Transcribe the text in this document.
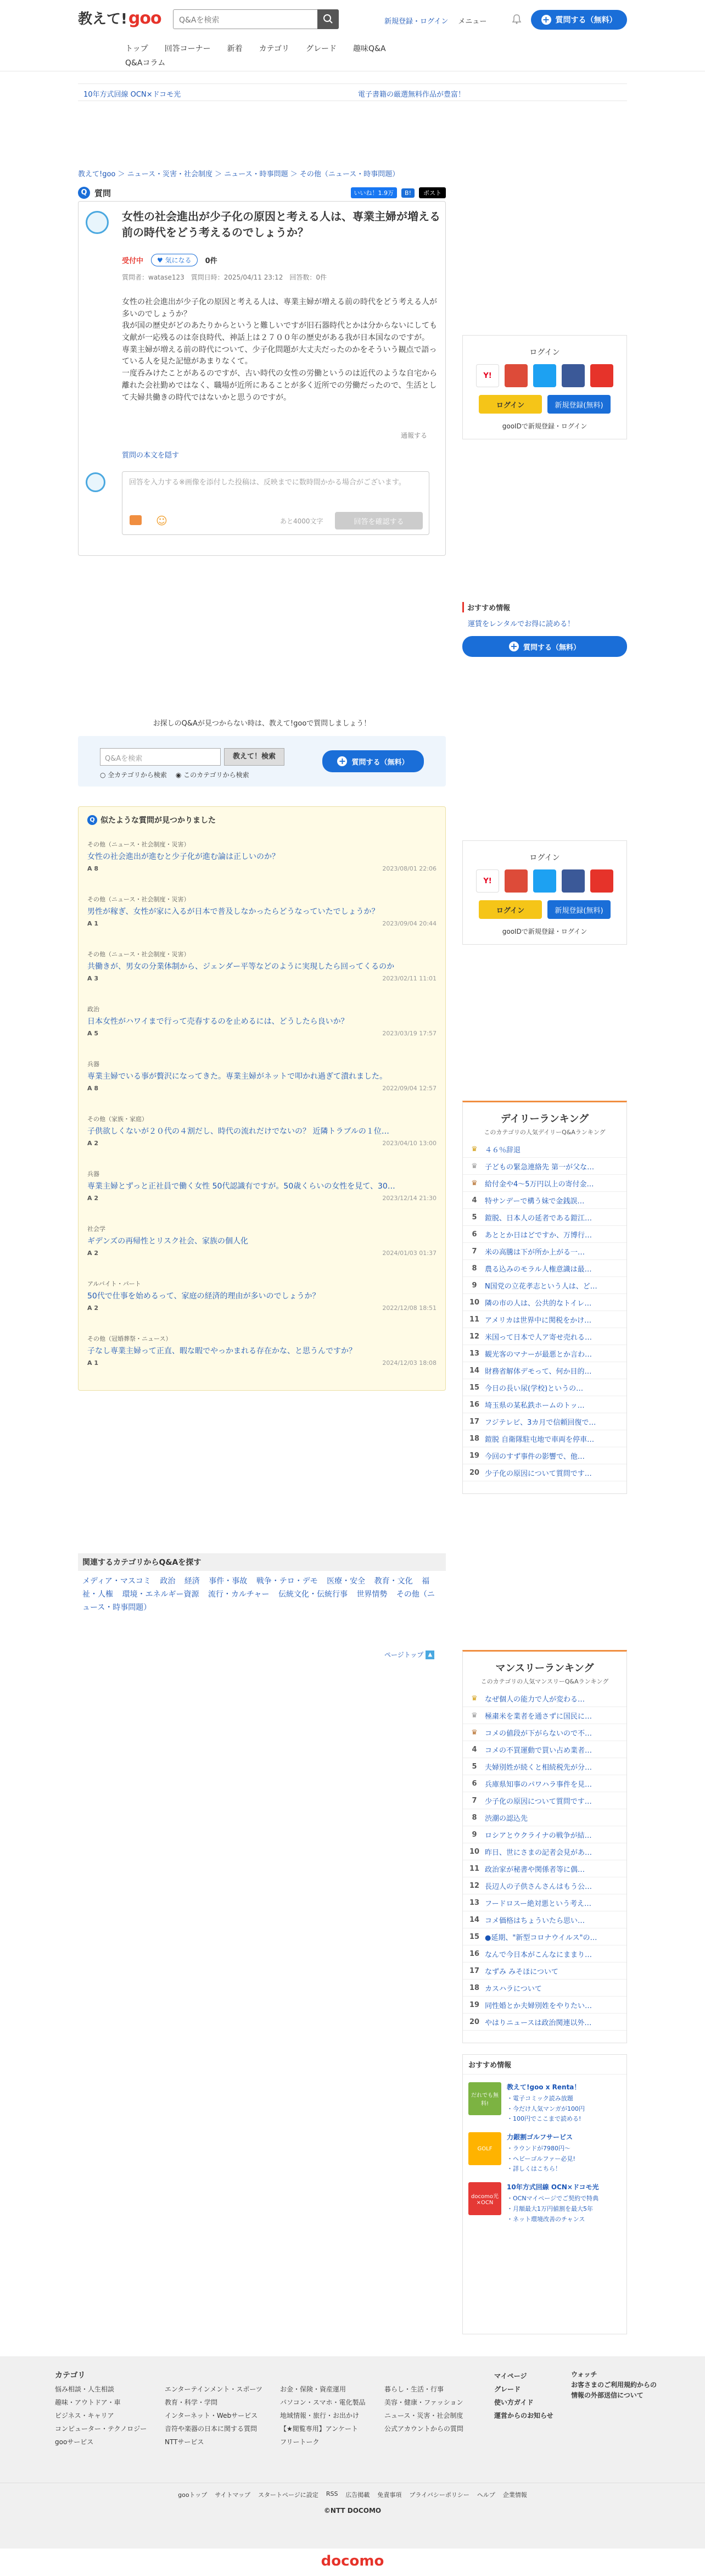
教えて! goo	Q&Aを検索	新規登録・ログイン メニュー	+ 質問する（無料）
トップ	回答コーナー	新着	カテゴリ	グレード	趣味Q&A
Q&Aコラム
10年方式回線 OCN×ドコモ光	電子書籍の厳選無料作品が豊富！
教えて!goo ＞ ニュース・災害・社会制度 ＞ ニュース・時事問題 ＞ その他（ニュース・時事問題）
Q 質問	いいね！1.9万	B!	ポスト
女性の社会進出が少子化の原因と考える人は、専業主婦が増える前の時代をどう考えるのでしょうか？
受付中	♥ 気になる	0件
質問者：watase123　質問日時：2025/04/11 23:12　回答数：0件
女性の社会進出が少子化の原因と考える人は、専業主婦が増える前の時代をどう考える人が多いのでしょうか？
我が国の歴史がどのあたりからというと難しいですが旧石器時代とかは分からないにしても文献が一応残るのは奈良時代、神話上は２７００年の歴史がある我が日本国なのですが。
専業主婦が増える前の時代について、少子化問題が大丈夫だったのかをそういう観点で語っている人を見た記憶があまりなくて。
一度呑みけたことがあるのですが、古い時代の女性の労働というのは近代のような自宅から離れた会社勤めではなく、職場が近所にあることが多く近所での労働だったので、生活として夫婦共働きの時代ではないかと思うのですが。
通報する
質問の本文を隠す
回答を入力する※画像を添付した投稿は、反映までに数時間かかる場合がございます。
☺	あと4000文字	回答を確認する
ログイン
Y!
ログイン	新規登録(無料)
gooIDで新規登録・ログイン
おすすめ情報
運賃をレンタルでお得に読める！
+ 質問する（無料）
お探しのQ&Aが見つからない時は、教えて!gooで質問しましょう！
Q&Aを検索	教えて！検索
○ 全カテゴリから検索 ◉ このカテゴリから検索
+ 質問する（無料）
Q 似たような質問が見つかりました
その他（ニュース・社会制度・災害）
女性の社会進出が進むと少子化が進む論は正しいのか？
A 8	2023/08/01 22:06
その他（ニュース・社会制度・災害）
男性が稼ぎ、女性が家に入るが日本で普及しなかったらどうなっていたでしょうか？
A 1	2023/09/04 20:44
その他（ニュース・社会制度・災害）
共働きが、男女の分業体制から、ジェンダー平等などのように実現したら回ってくるのか
A 3	2023/02/11 11:01
政治
日本女性がハワイまで行って売春するのを止めるには、どうしたら良いか？
A 5	2023/03/19 17:57
兵器
専業主婦でいる事が贅沢になってきた。専業主婦がネットで叩かれ過ぎて潰れました。
A 8	2022/09/04 12:57
その他（家族・家庭）
子供欲しくないが２０代の４割だし、時代の流れだけでないの？ 近隣トラブルの１位…
A 2	2023/04/10 13:00
兵器
専業主婦とずっと正社員で働く女性 50代認識有ですが。50歳くらいの女性を見て、30…
A 2	2023/12/14 21:30
社会学
ギデンズの再帰性とリスク社会、家族の個人化
A 2	2024/01/03 01:37
アルバイト・パート
50代で仕事を始めるって、家庭の経済的理由が多いのでしょうか？
A 2	2022/12/08 18:51
その他（冠婚葬祭・ニュース）
子なし専業主婦って正直、暇な暇でやっかまれる存在かな、と思うんですか？
A 1	2024/12/03 18:08
ログイン
Y!
ログイン	新規登録(無料)
gooIDで新規登録・ログイン
デイリーランキング
このカテゴリの人気デイリーQ&Aランキング
♛	４６％辞退
♛	子どもの緊急連絡先 第一が父な…
♛	給付金や4～5万円以上の寄付金…
4	特サンデーで構う妹で金銭誤…
5	鎧脱、日本人の延者である鎧江…
6	あととか日はどですか、万博行…
7	米の高騰は下が所か上がる一…
8	農る込みのモラル人権意識は最…
9	N国党の立花孝志という人は、ど…
10 隣の市の人は、公共的なトイレ…
11 アメリカは世界中に関税をかけ…
12 米国って日本で人ア寄せ売れる…
13 観光客のマナーが最悪とか言わ…
14 財務省解体デモって、何か目的…
15 今日の長い尿(学校)というの…
16 埼玉県の某私鉄ホームのトッ…
17 フジテレビ、3カ月で信頼回復で…
18 鎧脱 自衛隊駐屯地で車両を停車…
19 今回のすず事件の影響で、他…
20 少子化の原因について質問です…
関連するカテゴリからQ&Aを探す
メディア・マスコミ 政治 経済 事件・事故 戦争・テロ・デモ 医療・安全 教育・文化 福祉・人権 環境・エネルギー資源 流行・カルチャー 伝統文化・伝統行事 世界情勢 その他（ニュース・時事問題）
ページトップ ▲
マンスリーランキング
このカテゴリの人気マンスリーQ&Aランキング
♛	なぜ個人の能力で人が変わる…
♛	極粛米を業者を通さずに国民に…
♛	コメの値段が下がらないので不…
4	コメの不買運動で買い占め業者…
5	夫婦別姓が続くと相続税先が分…
6	兵庫県知事のパワハラ事件を見…
7	少子化の原因について質問です…
8	渋潮の認込先
9	ロシアとウクライナの戦争が結…
10 昨日、世にさまの記者会見があ…
11 政治家が秘書や関係者等に偶…
12 長辺人の子供さんさんはもう公…
13 フードロスー絶対悪という考え…
14 コメ価格はちょういたら思い…
15 ●延期、"新型コロナウイルス"の…
16 なんで今日本がこんなにままり…
17 なずみ みそほについて
18 カスハラについて
19 同性婚とか夫婦別姓をやりたい…
20 やはりニュースは政治関連以外…
おすすめ情報
だれでも無料!
教えて!goo x Renta！
・電子コミック読み放題
・今だけ人気マンガが100円
・100円でここまで読める!
GOLF
力銀割ゴルフサービス
・ラウンドが7980円〜
・ヘビーゴルファー必見!
・詳しくはこちら！
docomo光×OCN
10年方式回線 OCN×ドコモ光
・OCNマイページでご契約で特典
・月額最大1万円値割を最大5年
・ネット環境改善のチャンス
カテゴリ
悩み相談・人生相談
趣味・アウトドア・車
ビジネス・キャリア
コンピューター・テクノロジー
gooサービス
エンターテインメント・スポーツ
教育・科学・学問
インターネット・Webサービス
音符や楽器の日本に関する質問
NTTサービス
お金・保険・資産運用
パソコン・スマホ・電化製品
地域情報・旅行・お出かけ
【★閲覧専用】アンケート
フリートーク
暮らし・生活・行事
美容・健康・ファッション
ニュース・災害・社会制度
公式アカウントからの質問
マイページ
グレード
使い方ガイド
運営からのお知らせ
ウォッチ
お客さまのご利用規約からの情報の外部送信について
gooトップ サイトマップ スタートページに設定 RSS 広告掲載 免責事項 プライバシーポリシー ヘルプ 企業情報
©NTT DOCOMO
docomo
